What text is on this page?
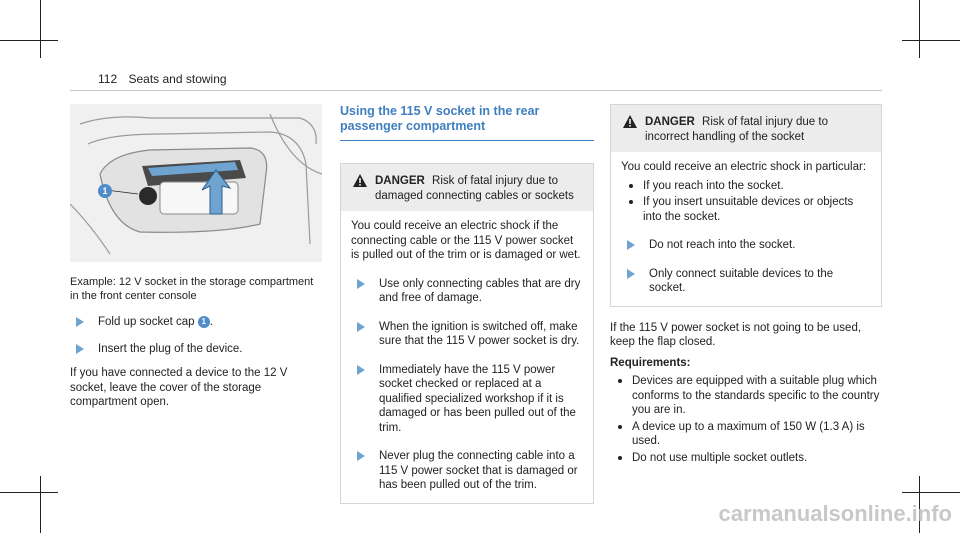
112 Seats and stowing
1
Example: 12 V socket in the storage compartment in the front center console
Fold up socket cap 1 .
Insert the plug of the device.

If you have connected a device to the 12 V socket, leave the cover of the storage compartment open.

Using the 115 V socket in the rear passenger compartment
DANGER Risk of fatal injury due to damaged connecting cables or sockets

You could receive an electric shock if the connecting cable or the 115 V power socket is pulled out of the trim or is damaged or wet.

Use only connecting cables that are dry and free of damage.
When the ignition is switched off, make sure that the 115 V power socket is dry.
Immediately have the 115 V power socket checked or replaced at a qualified specialized workshop if it is damaged or has been pulled out of the trim.
Never plug the connecting cable into a 115 V power socket that is damaged or has been pulled out of the trim.
DANGER Risk of fatal injury due to incorrect handling of the socket

You could receive an electric shock in particular:

If you reach into the socket.
If you insert unsuitable devices or objects into the socket.
Do not reach into the socket.
Only connect suitable devices to the socket.

If the 115 V power socket is not going to be used, keep the flap closed.

Requirements:
Devices are equipped with a suitable plug which conforms to the standards specific to the country you are in.
A device up to a maximum of 150 W (1.3 A) is used.
Do not use multiple socket outlets.
carmanualsonline.info
